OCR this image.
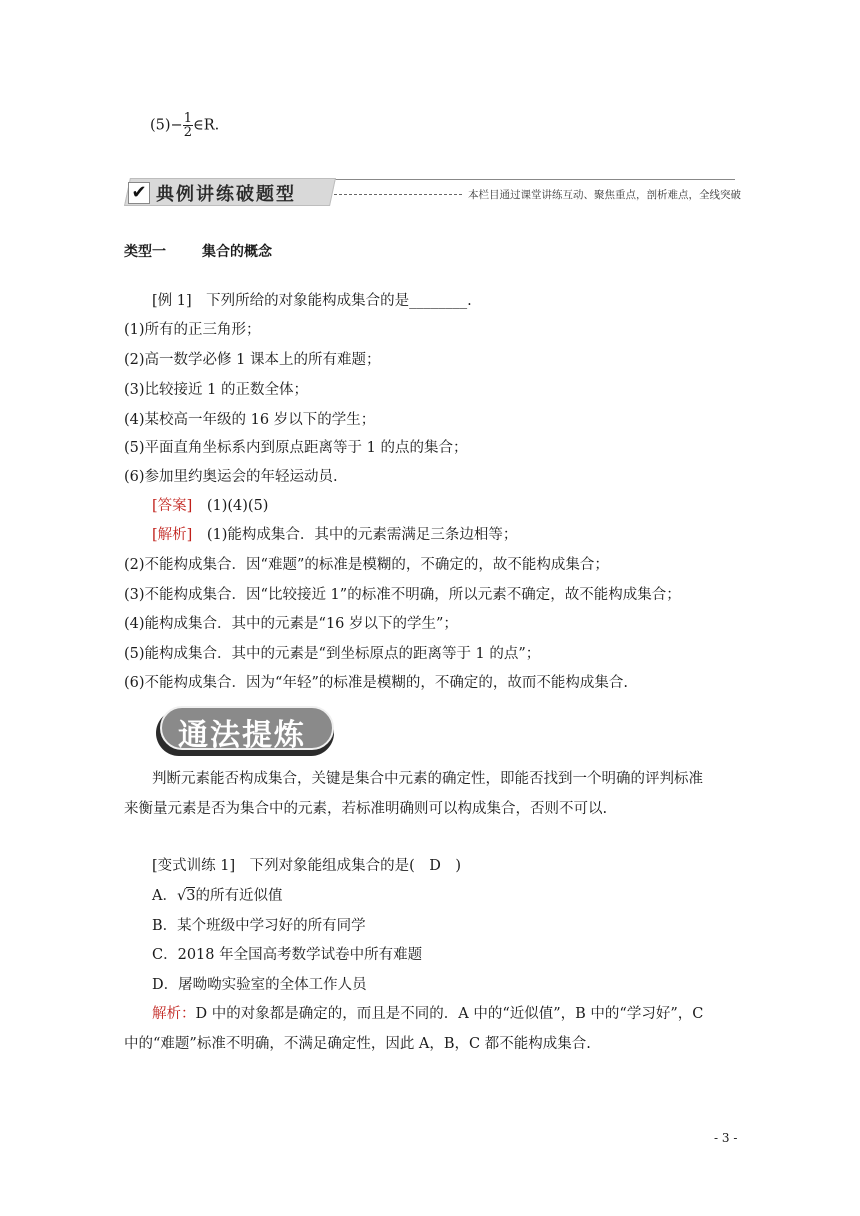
$(5)- \frac{1}{2}$ ∈R.
✔ 典例讲练破题型	本栏目通过课堂讲练互动、聚焦重点，剖析难点，全线突破
类型一	集合的概念
[例 1]　下列所给的对象能构成集合的是________.
(1)所有的正三角形；
(2)高一数学必修 1 课本上的所有难题；
(3)比较接近 1 的正数全体；
(4)某校高一年级的 16 岁以下的学生；
(5)平面直角坐标系内到原点距离等于 1 的点的集合；
(6)参加里约奥运会的年轻运动员.
[答案]　(1)(4)(5)
[解析]　(1)能构成集合．其中的元素需满足三条边相等；
(2)不能构成集合．因“难题”的标准是模糊的，不确定的，故不能构成集合；
(3)不能构成集合．因“比较接近 1”的标准不明确，所以元素不确定，故不能构成集合；
(4)能构成集合．其中的元素是“16 岁以下的学生”；
(5)能构成集合．其中的元素是“到坐标原点的距离等于 1 的点”；
(6)不能构成集合．因为“年轻”的标准是模糊的，不确定的，故而不能构成集合.
通法提炼
判断元素能否构成集合，关键是集合中元素的确定性，即能否找到一个明确的评判标准
来衡量元素是否为集合中的元素，若标准明确则可以构成集合，否则不可以.
[变式训练 1]　下列对象能组成集合的是(　D　)
A．√3的所有近似值
B．某个班级中学习好的所有同学
C．2018 年全国高考数学试卷中所有难题
D．屠呦呦实验室的全体工作人员
解析：D 中的对象都是确定的，而且是不同的．A 中的“近似值”，B 中的“学习好”，C
中的“难题”标准不明确，不满足确定性，因此 A，B，C 都不能构成集合.
- 3 -
